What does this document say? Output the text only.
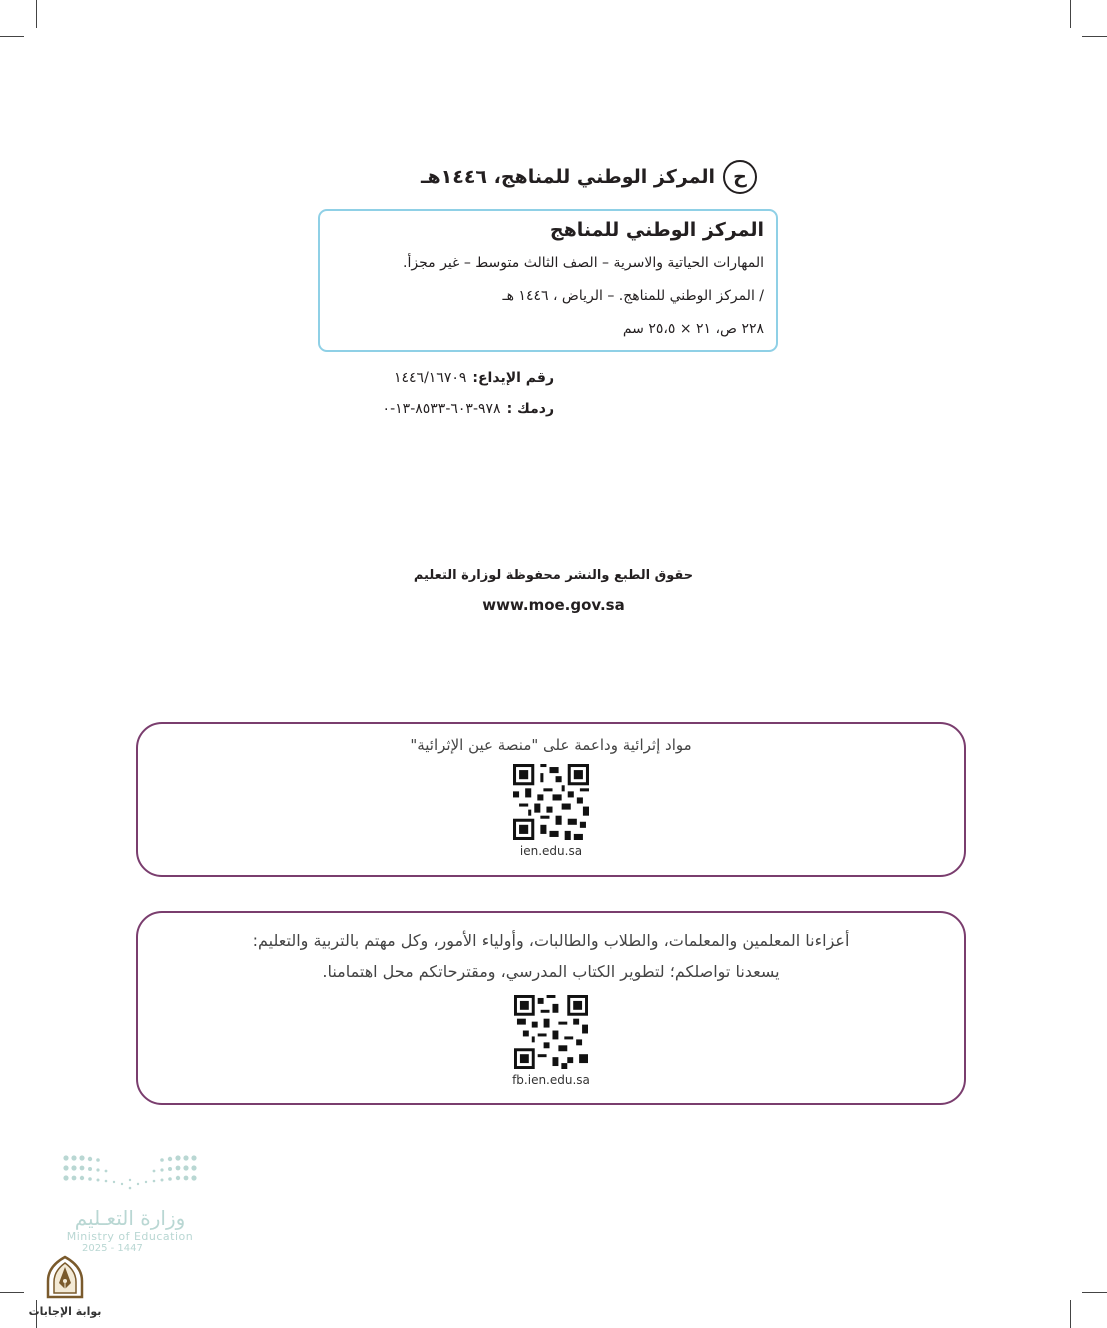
ح
المركز الوطني للمناهج، ١٤٤٦هـ
المركز الوطني للمناهج
المهارات الحياتية والاسرية – الصف الثالث متوسط – غير مجزأ.
/ المركز الوطني للمناهج. – الرياض ، ١٤٤٦ هـ
٢٢٨ ص، ٢١ × ٢٥،٥ سم
رقم الإيداع:
١٤٤٦/١٦٧٠٩
ردمك :
٩٧٨-٦٠٣-٨٥٣٣-١٣-٠
حقوق الطبع والنشر محفوظة لوزارة التعليم
www.moe.gov.sa
مواد إثرائية وداعمة على "منصة عين الإثرائية"
ien.edu.sa
أعزاءنا المعلمين والمعلمات، والطلاب والطالبات، وأولياء الأمور، وكل مهتم بالتربية والتعليم:
يسعدنا تواصلكم؛ لتطوير الكتاب المدرسي، ومقترحاتكم محل اهتمامنا.
fb.ien.edu.sa
وزارة التعـليم
Ministry of Education
2025 - 1447
بوابة الإجابات
